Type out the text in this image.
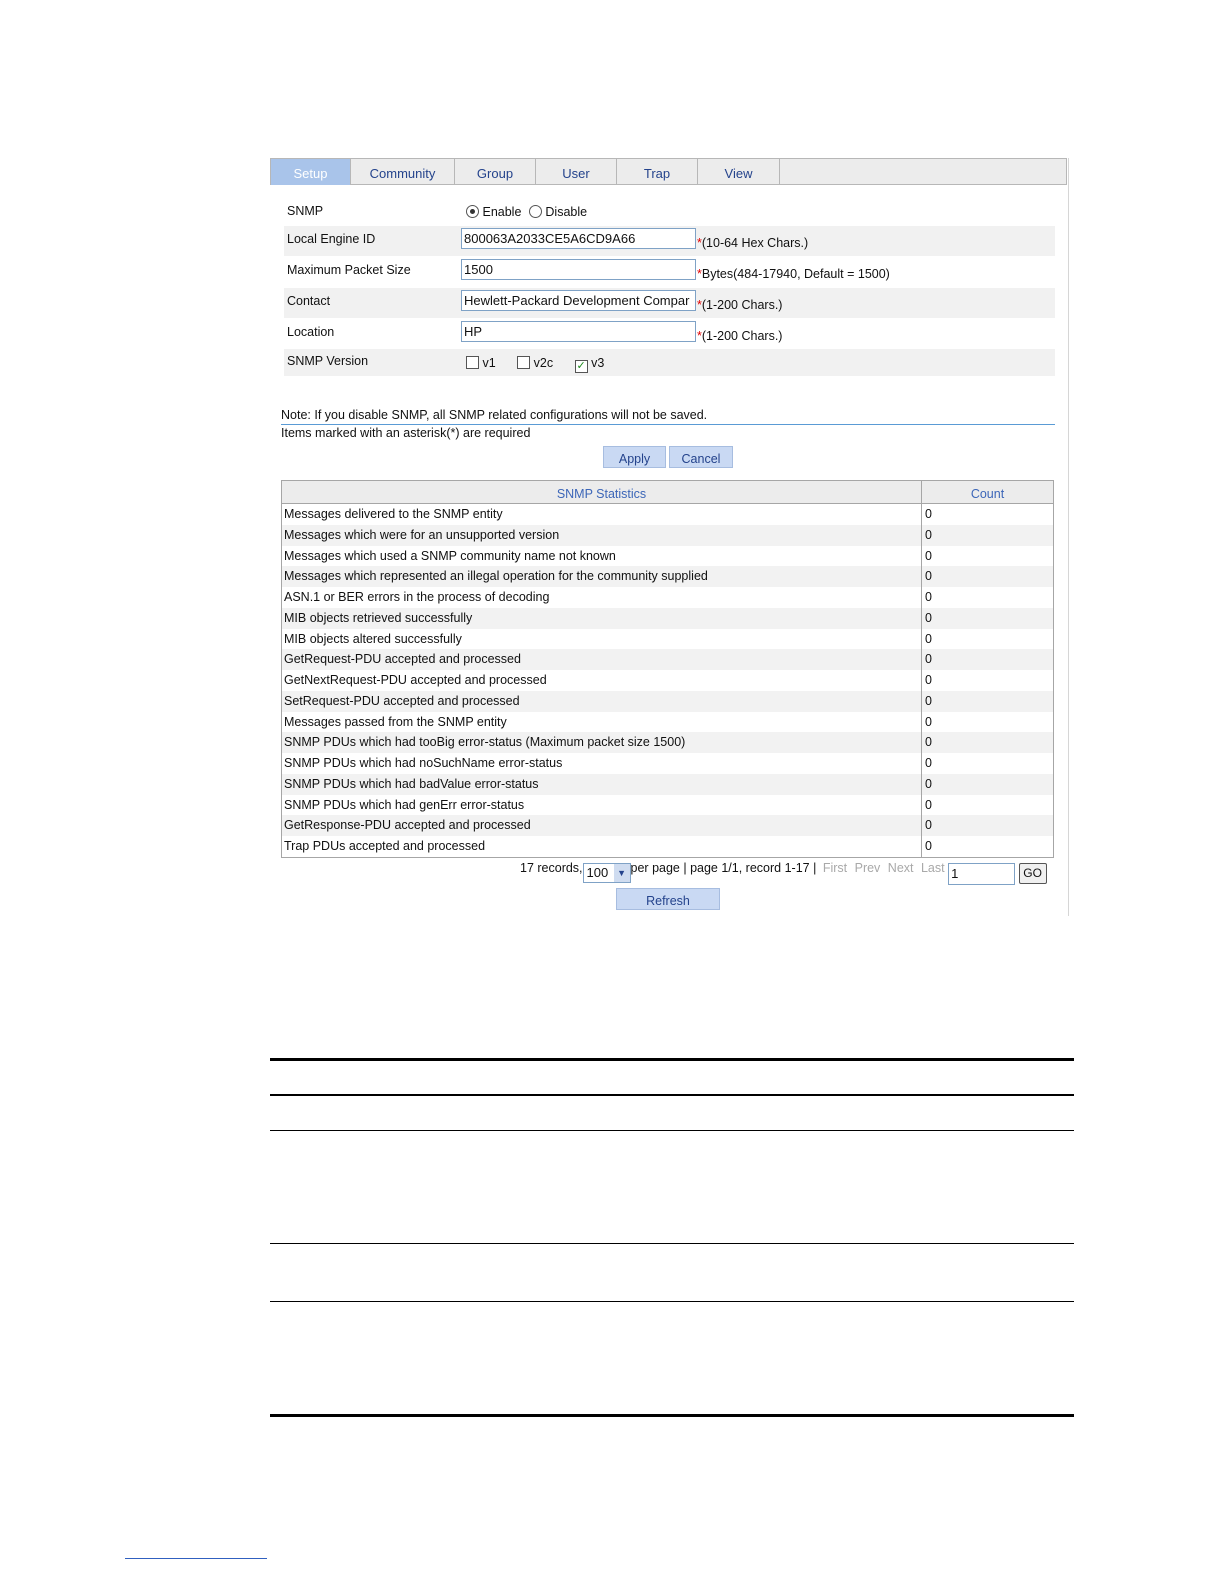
Setup	Community	Group	User	Trap	View
SNMP	Enable Disable
Local Engine ID	800063A2033CE5A6CD9A66	*(10-64 Hex Chars.)
Maximum Packet Size	1500	*Bytes(484-17940, Default = 1500)
Contact	Hewlett-Packard Development Compar *(1-200 Chars.)
Location	HP	*(1-200 Chars.)
SNMP Version	v1	v2c ✓ v3
Note: If you disable SNMP, all SNMP related configurations will not be saved.
Items marked with an asterisk(*) are required
Apply	Cancel
SNMP Statistics	Count
Messages delivered to the SNMP entity	0
Messages which were for an unsupported version	0
Messages which used a SNMP community name not known	0
Messages which represented an illegal operation for the community supplied	0
ASN.1 or BER errors in the process of decoding	0
MIB objects retrieved successfully	0
MIB objects altered successfully	0
GetRequest-PDU accepted and processed	0
GetNextRequest-PDU accepted and processed	0
SetRequest-PDU accepted and processed	0
Messages passed from the SNMP entity	0
SNMP PDUs which had tooBig error-status (Maximum packet size 1500)	0
SNMP PDUs which had noSuchName error-status	0
SNMP PDUs which had badValue error-status	0
SNMP PDUs which had genErr error-status	0
GetResponse-PDU accepted and processed	0
Trap PDUs accepted and processed	0
17 records, 100 ▼ per page | page 1/1, record 1-17 | First Prev Next Last 1	GO
Refresh
